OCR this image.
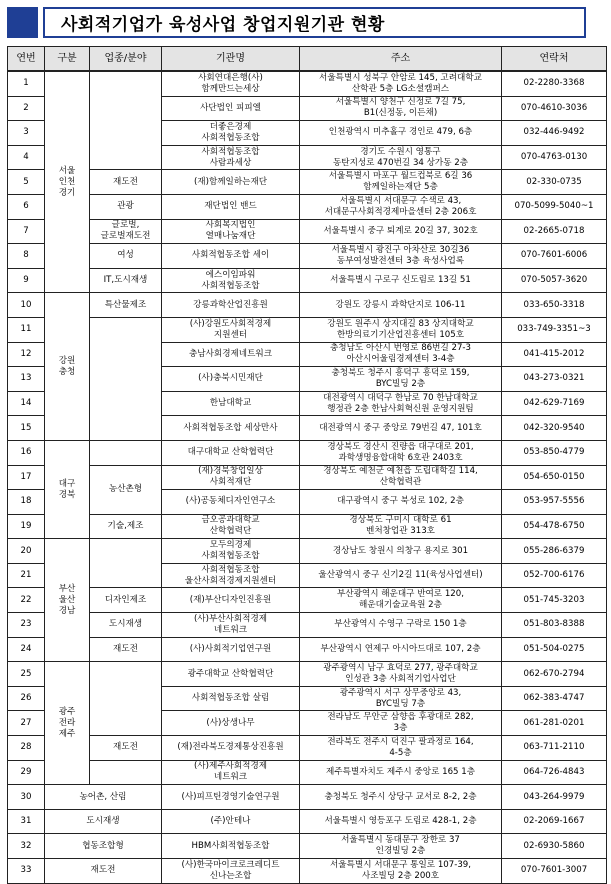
사회적기업가 육성사업 창업지원기관 현황
연번	구분	업종/분야	기관명	주소	연락처
1	서울
인천
경기		사회연대은행(사)
함께만드는세상	서울특별시 성북구 안암로 145, 고려대학교
산학관 5층 LG소셜캠퍼스	02-2280-3368
2			사단법인 피피엘	서울특별시 양천구 신정로 7길 75,
B1(신정동, 이든채)	070-4610-3036
3			더좋은경제
사회적협동조합	인천광역시 미추홀구 경인로 479, 6층	032-446-9492
4			사회적협동조합
사람과세상	경기도 수원시 영통구
동탄지성로 470번길 34 상가동 2층	070-4763-0130
5		재도전	(재)함께일하는재단	서울특별시 마포구 월드컵북로 6길 36
함께일하는재단 5층	02-330-0735
6		관광	재단법인 밴드	서울특별시 서대문구 수색로 43,
서대문구사회적경제마을센터 2층 206호	070-5099-5040~1
7		글로벌,
글로벌재도전	사회복지법인
열매나눔재단	서울특별시 중구 퇴계로 20길 37, 302호	02-2665-0718
8		여성	사회적협동조합 세이	서울특별시 광진구 아차산로 30길36
동부여성발전센터 3층 육성사업록	070-7601-6006
9		IT,도시재생	에스이임파워
사회적협동조합	서울특별시 구로구 신도림로 13길 51	070-5057-3620
10	강원
충청	특산물제조	강릉과학산업진흥원	강원도 강릉시 과학단지로 106-11	033-650-3318
11			(사)강원도사회적경제
지원센터	강원도 원주시 상지대길 83 상지대학교
한방의료기기산업진흥센터 105호	033-749-3351~3
12			충남사회경제네트워크	충청남도 아산시 번영로 86번길 27-3
아산시어울림경제센터 3-4층	041-415-2012
13			(사)충북시민재단	충청북도 청주시 흥덕구 흥덕로 159,
BYC빌딩 2층	043-273-0321
14			한남대학교	대전광역시 대덕구 한남로 70 한남대학교
행정관 2층 한남사회혁신원 운영지원팀	042-629-7169
15			사회적협동조합 세상만사	대전광역시 중구 중앙로 79번길 47, 101호	042-320-9540
16	대구
경북		대구대학교 산학협력단	경상북도 경산시 진량읍 대구대로 201,
과학생명융합대학 6호관 2403호	053-850-4779
17		농산촌형	(재)경북창업일상
사회적재단	경상북도 예천군 예천읍 도립대학길 114,
산학협력관	054-650-0150
18			(사)공동체디자인연구소	대구광역시 중구 북성로 102, 2층	053-957-5556
19		기술,제조	금오공과대학교
산학협력단	경상북도 구미시 대학로 61
벤처창업관 313호	054-478-6750
20	부산
울산
경남		모두의경제
사회적협동조합	경상남도 창원시 의창구 용지로 301	055-286-6379
21			사회적협동조합
울산사회적경제지원센터	울산광역시 중구 신기2길 11(육성사업센터)	052-700-6176
22		디자인제조	(재)부산디자인진흥원	부산광역시 해운대구 반여로 120,
해운대기술교육원 2층	051-745-3203
23		도시재생	(사)부산사회적경제
네트워크	부산광역시 수영구 구락로 150 1층	051-803-8388
24		재도전	(사)사회적기업연구원	부산광역시 연제구 아시아드대로 107, 2층	051-504-0275
25	광주
전라
제주		광주대학교 산학협력단	광주광역시 남구 효덕로 277, 광주대학교
인성관 3층 사회적기업사업단	062-670-2794
26			사회적협동조합 살림	광주광역시 서구 상무중앙로 43,
BYC빌딩 7층	062-383-4747
27			(사)상생나무	전라남도 무안군 삼향읍 후광대로 282,
3층	061-281-0201
28		재도전	(재)전라북도경제통상진흥원	전라북도 전주시 덕진구 팔과정로 164,
4-5층	063-711-2110
29			(사)제주사회적경제
네트워크	제주특별자치도 제주시 중앙로 165 1층	064-726-4843
30	농어촌, 산림		(사)피프틴경영기술연구원	충청북도 청주시 상당구 교서로 8-2, 2층	043-264-9979
31	도시재생		(주)안테나	서울특별시 영등포구 도림로 428-1, 2층	02-2069-1667
32	협동조합형		HBM사회적협동조합	서울특별시 동대문구 장한로 37
인경빌딩 2층	02-6930-5860
33	재도전		(사)한국마이크로크레디트
신나는조합	서울특별시 서대문구 통일로 107-39,
사조빌딩 2층 200호	070-7601-3007
